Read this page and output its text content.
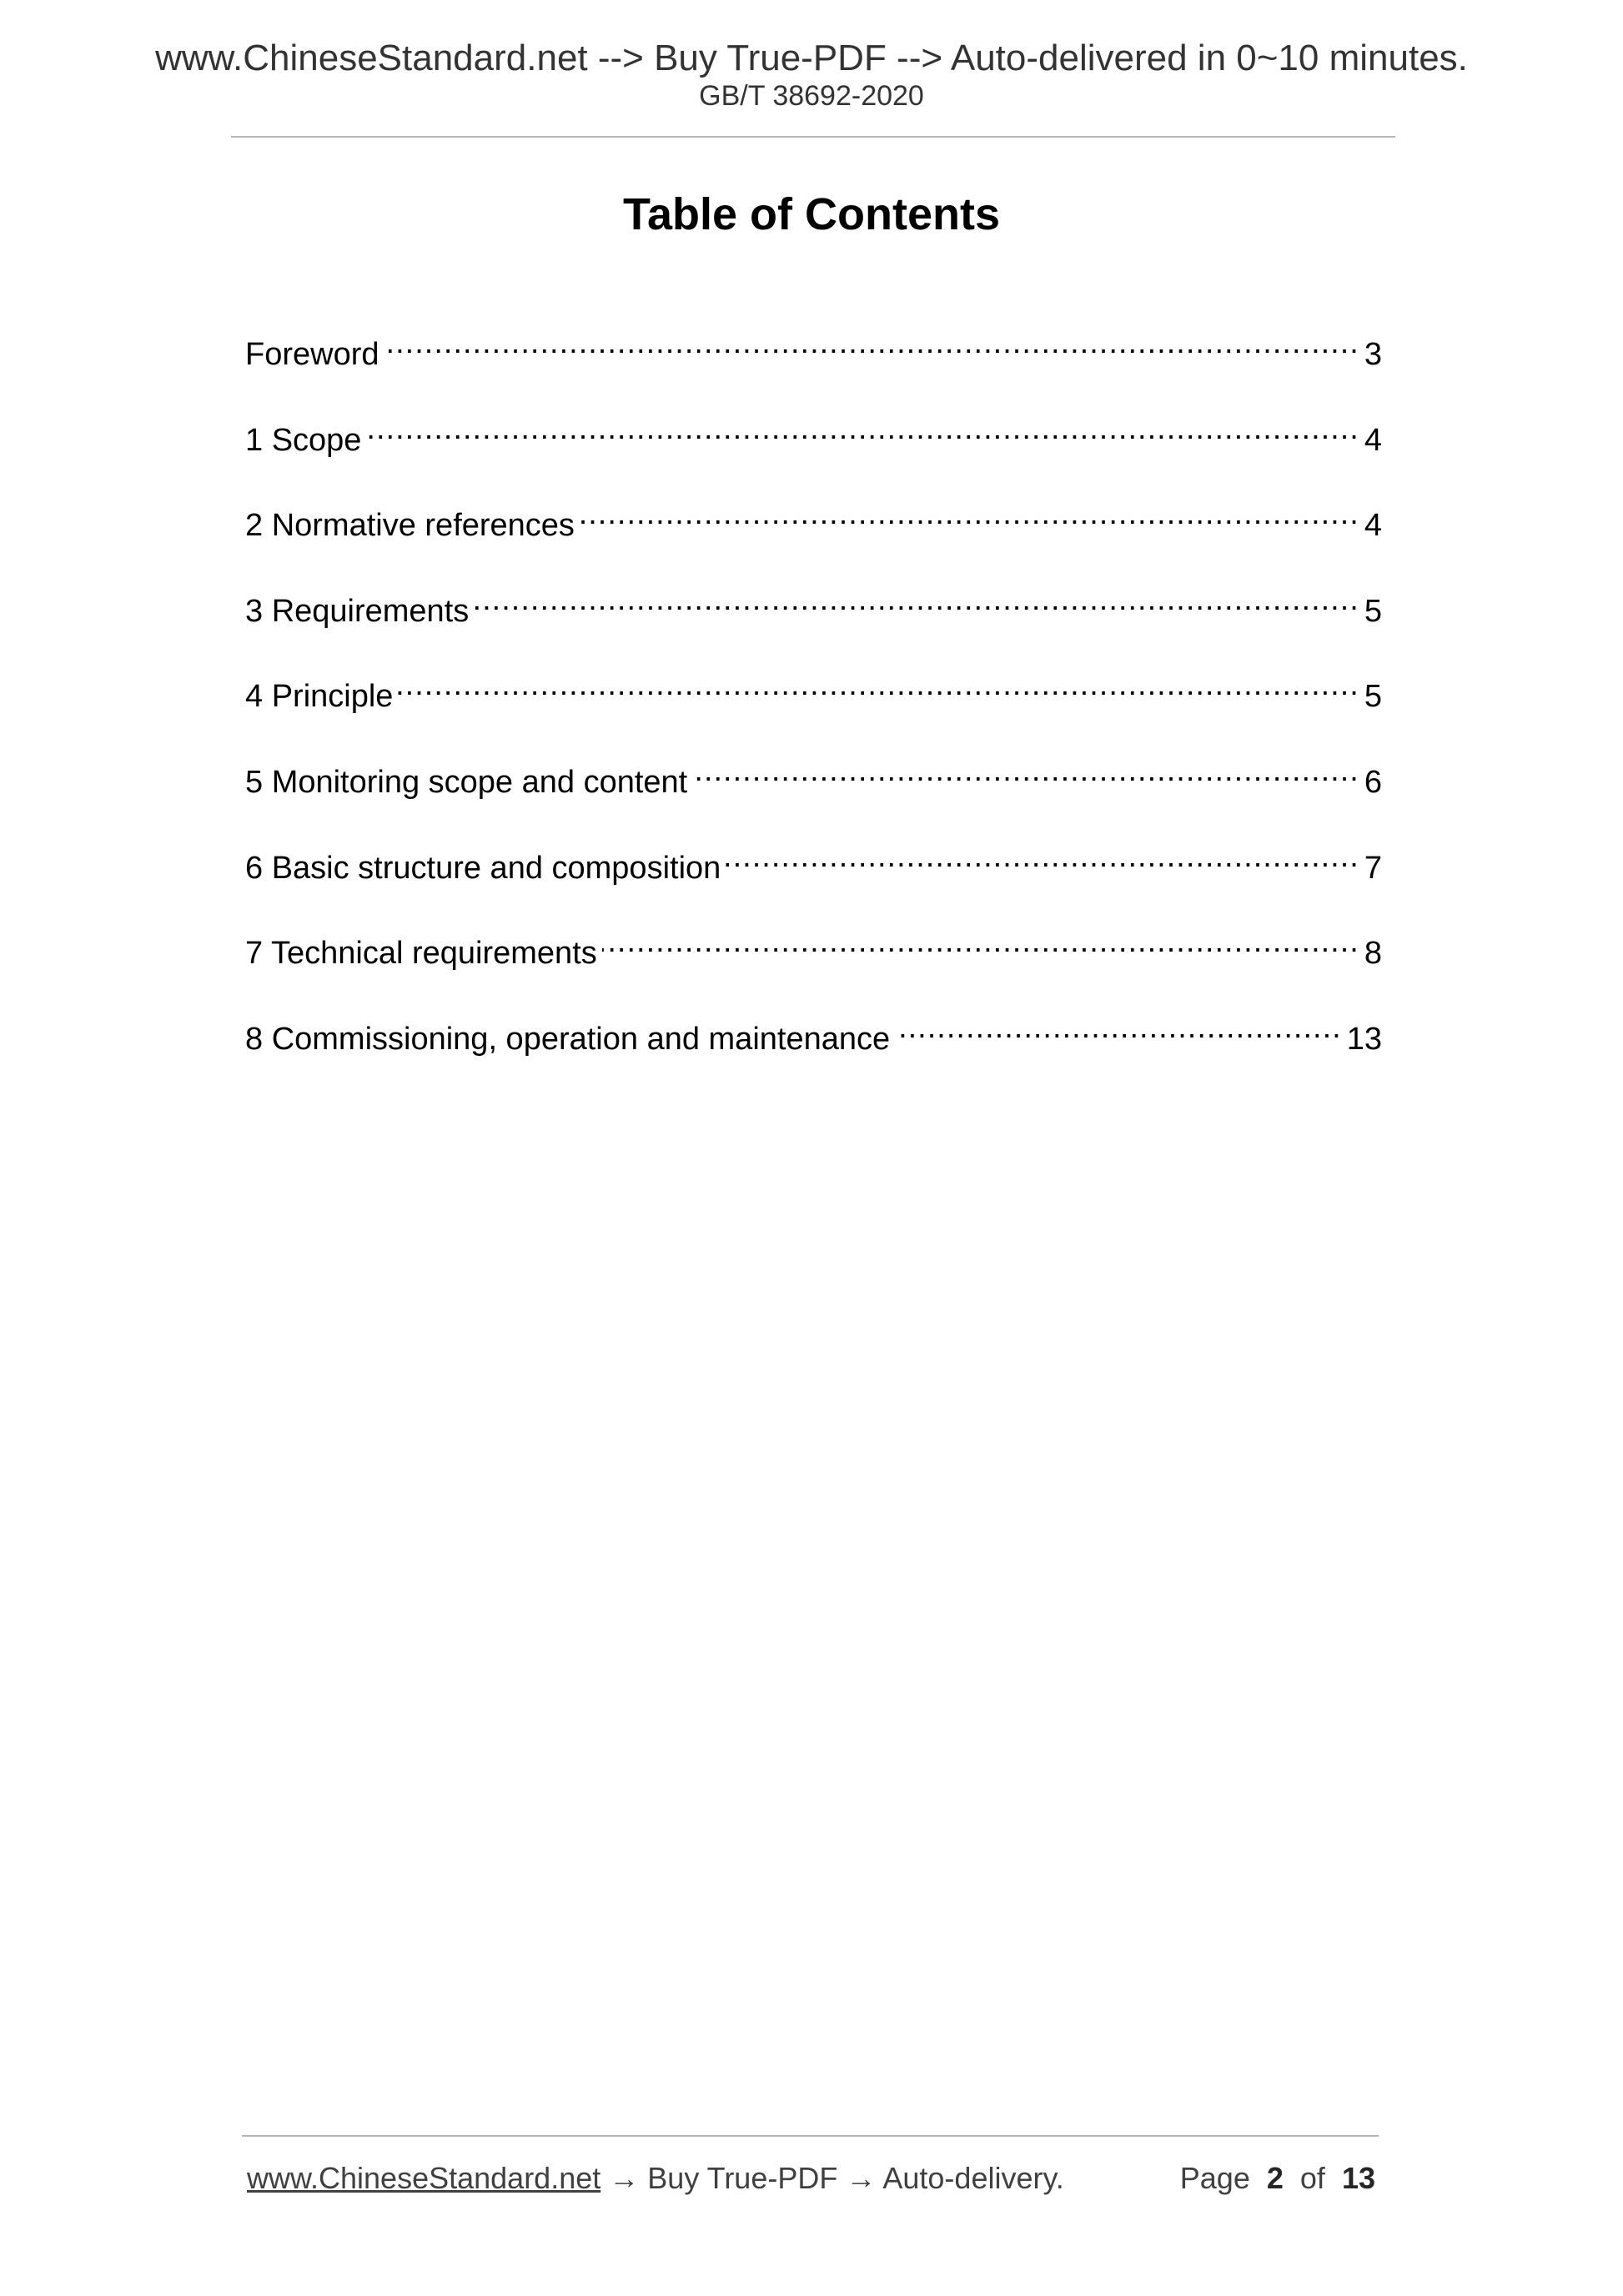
www.ChineseStandard.net --> Buy True-PDF --> Auto-delivered in 0~10 minutes.
GB/T 38692-2020
Table of Contents
Foreword .....	3
1 Scope .....	4
2 Normative references .....	4
3 Requirements .....	5
4 Principle .....	5
5 Monitoring scope and content .....	6
6 Basic structure and composition .....	7
7 Technical requirements .....	8
8 Commissioning, operation and maintenance .....	13
www.ChineseStandard.net → Buy True-PDF → Auto-delivery.	Page 2 of 13
